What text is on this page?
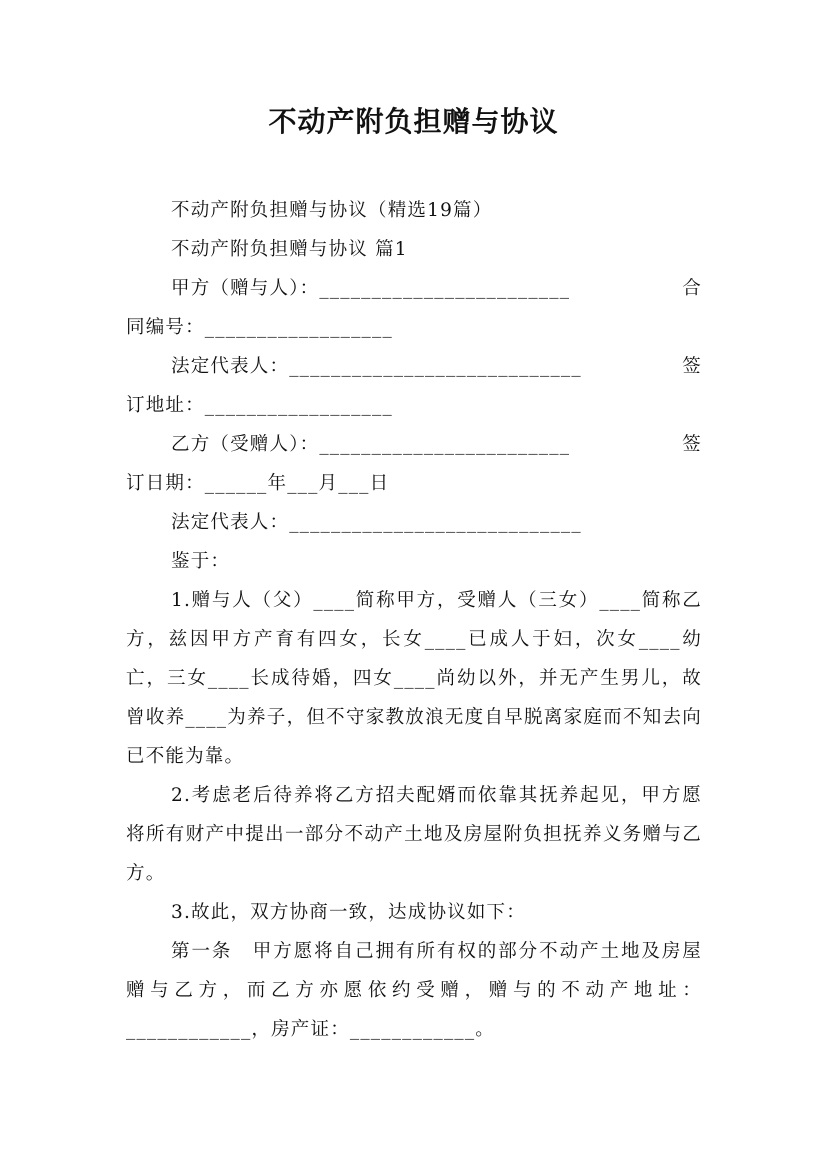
不动产附负担赠与协议

不动产附负担赠与协议（精选19篇）

不动产附负担赠与协议 篇1

甲方（赠与人）：________________________	合

同编号：__________________

法定代表人：____________________________	签

订地址：__________________

乙方（受赠人）：________________________	签

订日期：______年___月___日

法定代表人：____________________________

鉴于：

1.赠与人（父）____简称甲方，受赠人（三女）____简称乙方，兹因甲方产育有四女，长女____已成人于妇，次女____幼亡，三女____长成待婚，四女____尚幼以外，并无产生男儿，故曾收养____为养子，但不守家教放浪无度自早脱离家庭而不知去向已不能为靠。

2.考虑老后待养将乙方招夫配婿而依靠其抚养起见，甲方愿将所有财产中提出一部分不动产土地及房屋附负担抚养义务赠与乙方。

3.故此，双方协商一致，达成协议如下：

第一条　甲方愿将自己拥有所有权的部分不动产土地及房屋赠与乙方，而乙方亦愿依约受赠，赠与的不动产地址：____________，房产证：____________。
